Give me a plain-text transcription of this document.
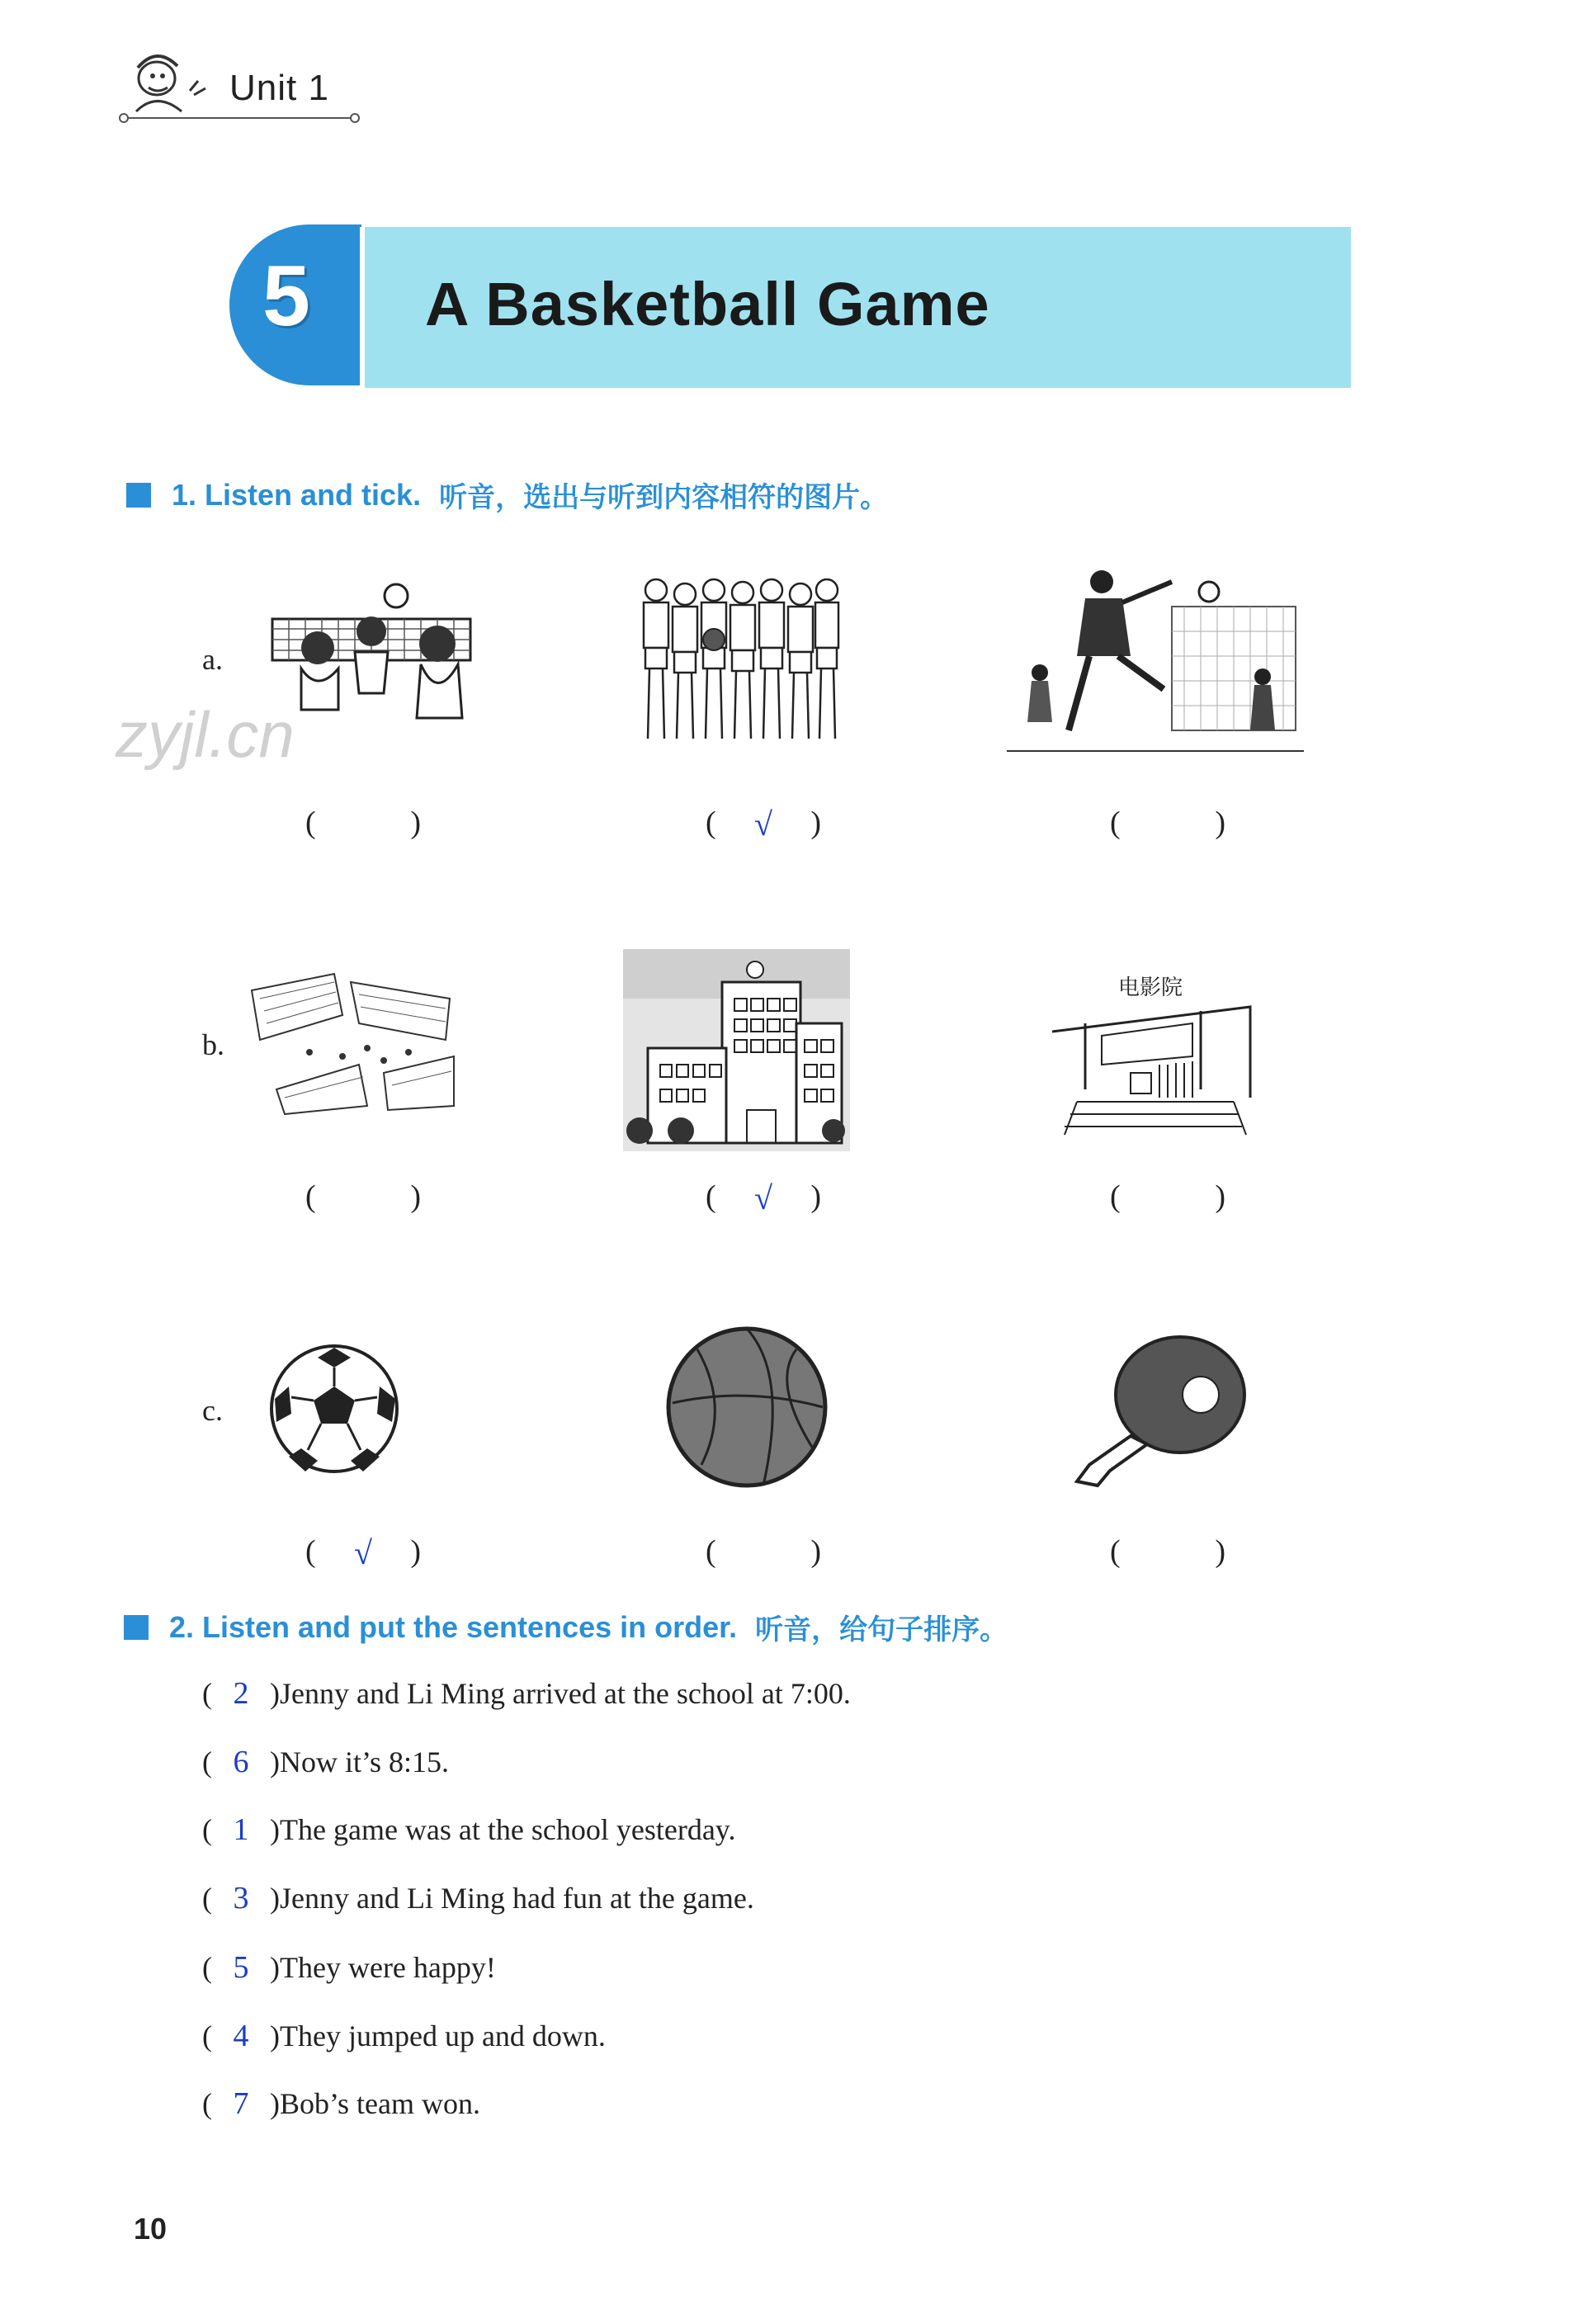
Unit 1
5 A Basketball Game
1. Listen and tick. 听音，选出与听到内容相符的图片。
zyjl.cn
a.
(	)	( √ )	(	)
b.
电影院
(	)	( √ )	(	)
c.
( √ )	(	)	(	)
2. Listen and put the sentences in order. 听音，给句子排序。
( 2 ) Jenny and Li Ming arrived at the school at 7:00.
( 6 ) Now it’s 8:15.
( 1 ) The game was at the school yesterday.
( 3 ) Jenny and Li Ming had fun at the game.
( 5 ) They were happy!
( 4 ) They jumped up and down.
( 7 ) Bob’s team won.
10
